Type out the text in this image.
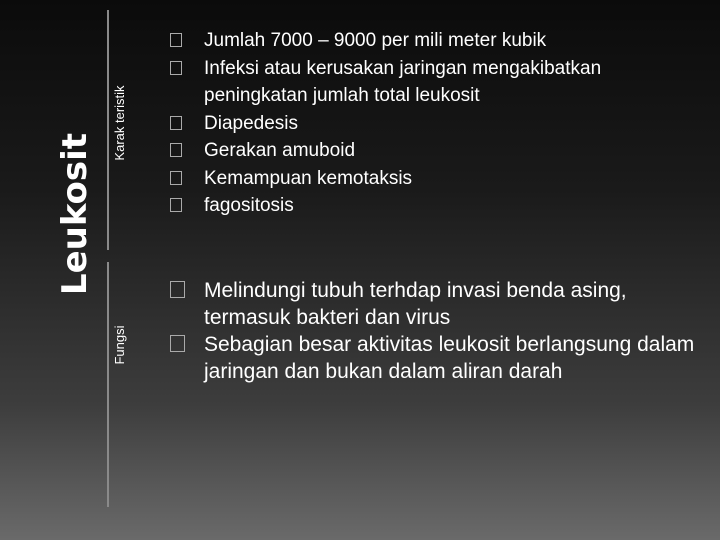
Leukosit
Karak teristik
Fungsi
Jumlah 7000 – 9000 per mili meter kubik
Infeksi atau kerusakan jaringan mengakibatkan peningkatan jumlah total leukosit
Diapedesis
Gerakan amuboid
Kemampuan kemotaksis
fagositosis
Melindungi tubuh terhdap invasi benda asing, termasuk bakteri dan virus
Sebagian besar aktivitas leukosit berlangsung dalam jaringan dan bukan dalam aliran darah
